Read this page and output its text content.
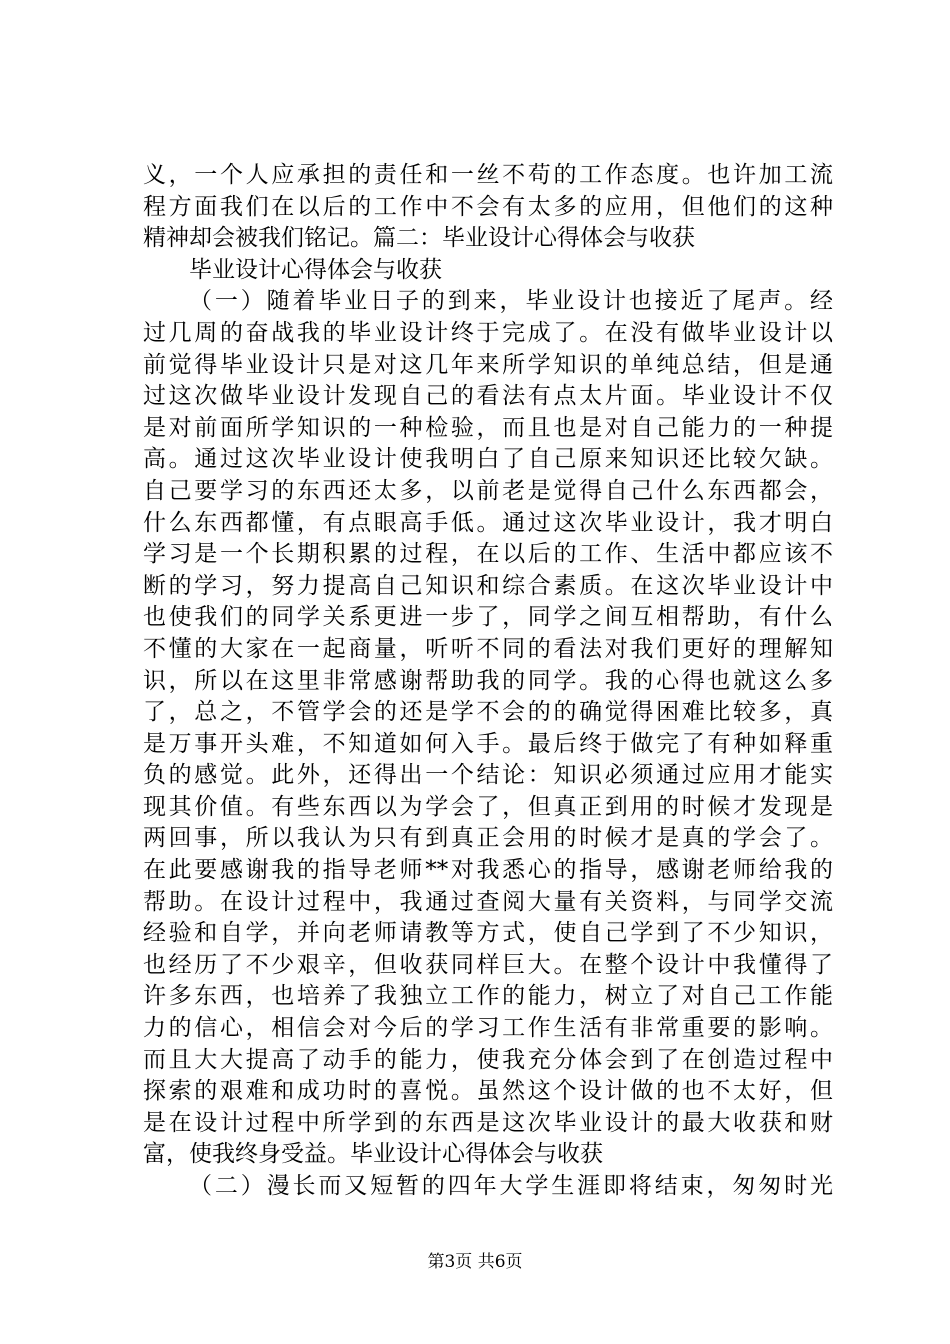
义，一个人应承担的责任和一丝不苟的工作态度。也许加工流
程方面我们在以后的工作中不会有太多的应用，但他们的这种
精神却会被我们铭记。篇二：毕业设计心得体会与收获
毕业设计心得体会与收获
（一）随着毕业日子的到来，毕业设计也接近了尾声。经
过几周的奋战我的毕业设计终于完成了。在没有做毕业设计以
前觉得毕业设计只是对这几年来所学知识的单纯总结，但是通
过这次做毕业设计发现自己的看法有点太片面。毕业设计不仅
是对前面所学知识的一种检验，而且也是对自己能力的一种提
高。通过这次毕业设计使我明白了自己原来知识还比较欠缺。
自己要学习的东西还太多，以前老是觉得自己什么东西都会，
什么东西都懂，有点眼高手低。通过这次毕业设计，我才明白
学习是一个长期积累的过程，在以后的工作、生活中都应该不
断的学习，努力提高自己知识和综合素质。在这次毕业设计中
也使我们的同学关系更进一步了，同学之间互相帮助，有什么
不懂的大家在一起商量，听听不同的看法对我们更好的理解知
识，所以在这里非常感谢帮助我的同学。我的心得也就这么多
了，总之，不管学会的还是学不会的的确觉得困难比较多，真
是万事开头难，不知道如何入手。最后终于做完了有种如释重
负的感觉。此外，还得出一个结论：知识必须通过应用才能实
现其价值。有些东西以为学会了，但真正到用的时候才发现是
两回事，所以我认为只有到真正会用的时候才是真的学会了。
在此要感谢我的指导老师**对我悉心的指导，感谢老师给我的
帮助。在设计过程中，我通过查阅大量有关资料，与同学交流
经验和自学，并向老师请教等方式，使自己学到了不少知识，
也经历了不少艰辛，但收获同样巨大。在整个设计中我懂得了
许多东西，也培养了我独立工作的能力，树立了对自己工作能
力的信心，相信会对今后的学习工作生活有非常重要的影响。
而且大大提高了动手的能力，使我充分体会到了在创造过程中
探索的艰难和成功时的喜悦。虽然这个设计做的也不太好，但
是在设计过程中所学到的东西是这次毕业设计的最大收获和财
富，使我终身受益。毕业设计心得体会与收获
（二）漫长而又短暂的四年大学生涯即将结束，匆匆时光
第3页 共6页
